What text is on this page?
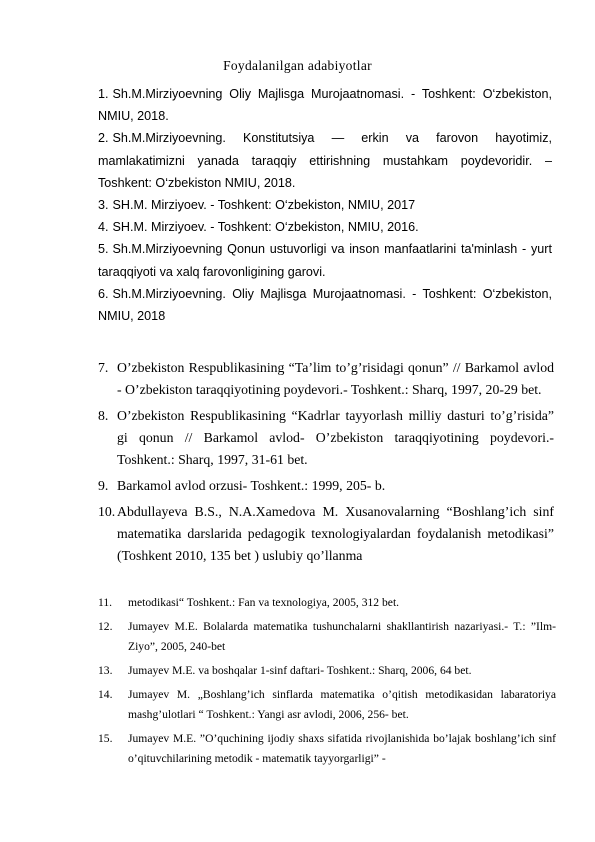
Foydalanilgan adabiyotlar

1. Sh.M.Mirziyoevning Oliy Majlisga Murojaatnomasi. - Toshkent: O‘zbekiston, NMIU, 2018.

2. Sh.M.Mirziyoevning. Konstitutsiya — erkin va farovon hayotimiz, mamlakatimizni yanada taraqqiy ettirishning mustahkam poydevoridir. – Toshkent: O‘zbekiston NMIU, 2018.

3. SH.M. Mirziyoev. - Toshkent: O‘zbekiston, NMIU, 2017

4. SH.M. Mirziyoev. - Toshkent: O‘zbekiston, NMIU, 2016.

5. Sh.M.Mirziyoevning Qonun ustuvorligi va inson manfaatlarini ta'minlash - yurt taraqqiyoti va xalq farovonligining garovi.

6. Sh.M.Mirziyoevning. Oliy Majlisga Murojaatnomasi. - Toshkent: O‘zbekiston, NMIU, 2018

7. O’zbekiston Respublikasining “Ta’lim to’g’risidagi qonun” // Barkamol avlod - O’zbekiston taraqqiyotining poydevori.- Toshkent.: Sharq, 1997, 20-29 bet.

8. O’zbekiston Respublikasining “Kadrlar tayyorlash milliy dasturi to’g’risida” gi qonun // Barkamol avlod- O’zbekiston taraqqiyotining poydevori.- Toshkent.: Sharq, 1997, 31-61 bet.

9. Barkamol avlod orzusi- Toshkent.: 1999, 205- b.

10. Abdullayeva B.S., N.A.Xamedova M. Xusanovalarning “Boshlang’ich sinf matematika darslarida pedagogik texnologiyalardan foydalanish metodikasi” (Toshkent 2010, 135 bet ) uslubiy qo’llanma

11. metodikasi“ Toshkent.: Fan va texnologiya, 2005, 312 bet.

12. Jumayev M.E. Bolalarda matematika tushunchalarni shakllantirish nazariyasi.- T.: ”Ilm-Ziyo”, 2005, 240-bet

13. Jumayev M.E. va boshqalar 1-sinf daftari- Toshkent.: Sharq, 2006, 64 bet.

14. Jumayev M. „Boshlang’ich sinflarda matematika o’qitish metodikasidan labaratoriya mashg’ulotlari “ Toshkent.: Yangi asr avlodi, 2006, 256- bet.

15. Jumayev M.E. ”O’quchining ijodiy shaxs sifatida rivojlanishida bo’lajak boshlang’ich sinf o’qituvchilarining metodik - matematik tayyorgarligi” -
